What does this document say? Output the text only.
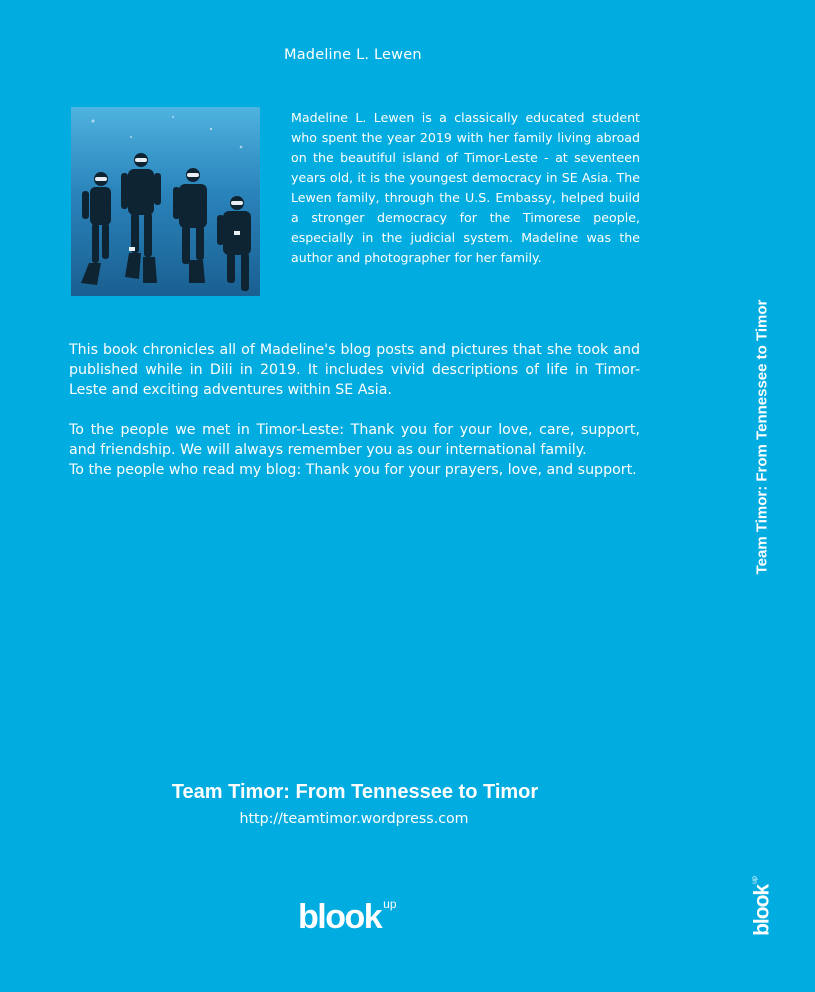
Madeline L. Lewen
Madeline L. Lewen is a classically educated student who spent the year 2019 with her family living abroad on the beautiful island of Timor-Leste - at seventeen years old, it is the youngest democracy in SE Asia. The Lewen family, through the U.S. Embassy, helped build a stronger democracy for the Timorese people, especially in the judicial system. Madeline was the author and photographer for her family.

This book chronicles all of Madeline's blog posts and pictures that she took and published while in Dili in 2019. It includes vivid descriptions of life in Timor-Leste and exciting adventures within SE Asia.

To the people we met in Timor-Leste: Thank you for your love, care, support, and friendship. We will always remember you as our international family.

To the people who read my blog: Thank you for your prayers, love, and support.

Team Timor: From Tennessee to Timor
http://teamtimor.wordpress.com
blook $^{up}$
Team Timor: From Tennessee to Timor
blook$^{up}$
